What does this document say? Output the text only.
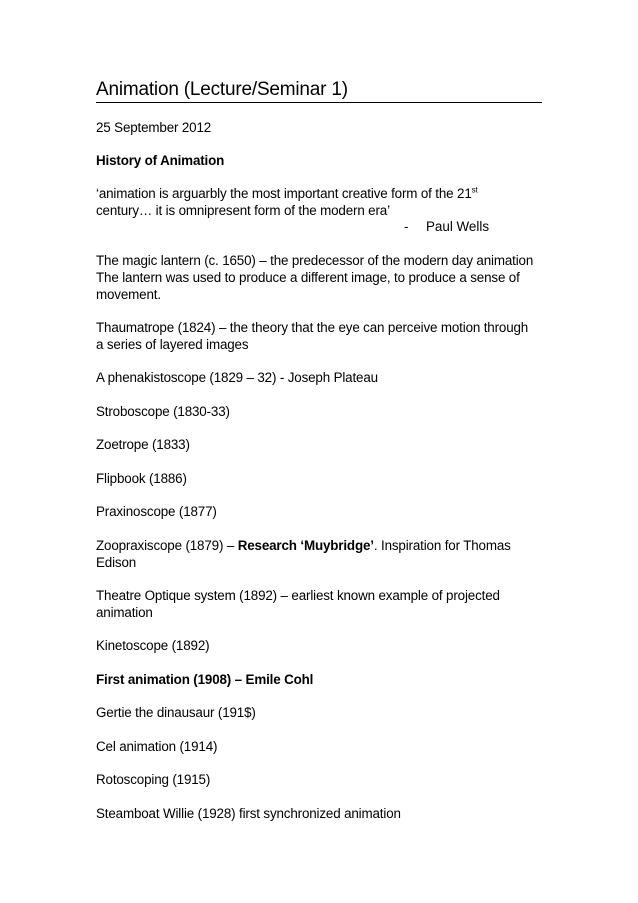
Animation (Lecture/Seminar 1)
25 September 2012
History of Animation
‘animation is arguarbly the most important creative form of the 21st
century… it is omnipresent form of the modern era’
- Paul Wells
The magic lantern (c. 1650) – the predecessor of the modern day animation
The lantern was used to produce a different image, to produce a sense of
movement.
Thaumatrope (1824) – the theory that the eye can perceive motion through
a series of layered images
A phenakistoscope (1829 – 32) - Joseph Plateau
Stroboscope (1830-33)
Zoetrope (1833)
Flipbook (1886)
Praxinoscope (1877)
Zoopraxiscope (1879) – Research ‘Muybridge’. Inspiration for Thomas
Edison
Theatre Optique system (1892) – earliest known example of projected
animation
Kinetoscope (1892)
First animation (1908) – Emile Cohl
Gertie the dinausaur (191$)
Cel animation (1914)
Rotoscoping (1915)
Steamboat Willie (1928) first synchronized animation
